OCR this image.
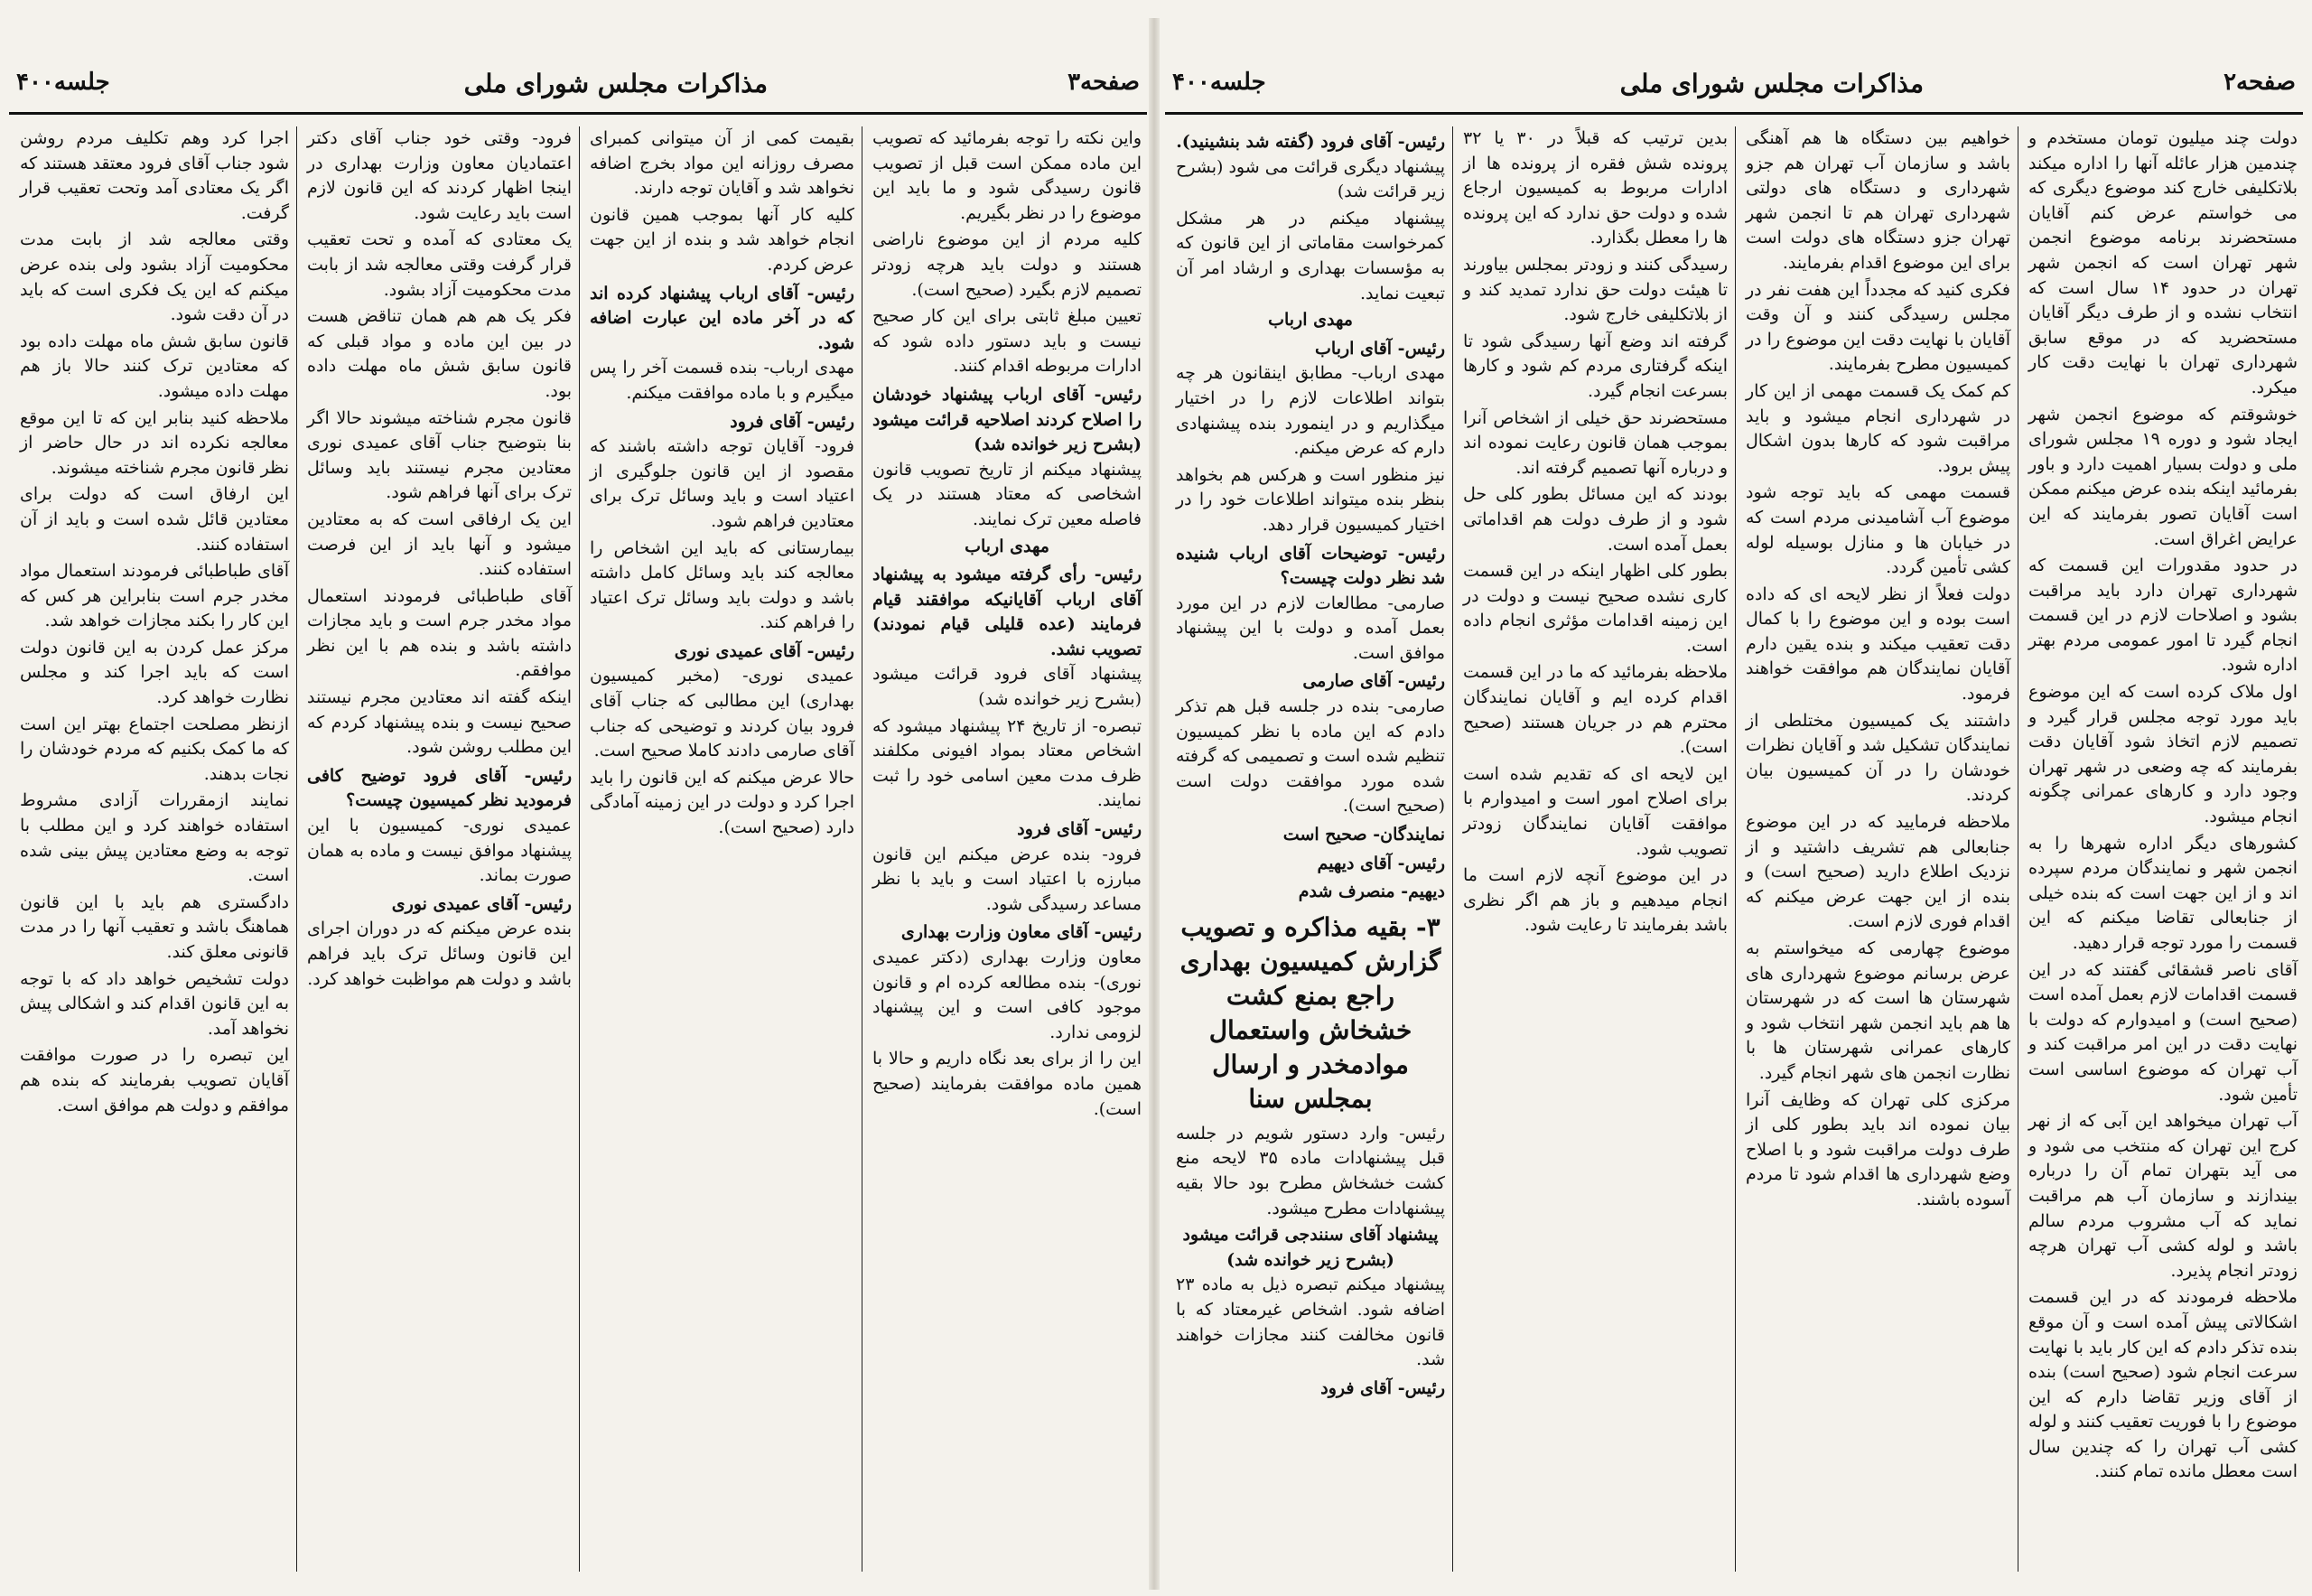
صفحه۲
مذاکرات مجلس شورای ملی
جلسه۴۰۰

دولت چند میلیون تومان مستخدم و چندمین هزار عائله آنها را اداره میکند بلاتکلیفی خارج کند موضوع دیگری که می خواستم عرض کنم آقایان مستحضرند برنامه موضوع انجمن شهر تهران است که انجمن شهر تهران در حدود ۱۴ سال است که انتخاب نشده و از طرف دیگر آقایان مستحضرید که در موقع سابق شهرداری تهران با نهایت دقت کار میکرد.

خوشوقتم که موضوع انجمن شهر ایجاد شود و دوره ۱۹ مجلس شورای ملی و دولت بسیار اهمیت دارد و باور بفرمائید اینکه بنده عرض میکنم ممکن است آقایان تصور بفرمایند که این عرایض اغراق است.

در حدود مقدورات این قسمت که شهرداری تهران دارد باید مراقبت بشود و اصلاحات لازم در این قسمت انجام گیرد تا امور عمومی مردم بهتر اداره شود.

اول ملاک کرده است که این موضوع باید مورد توجه مجلس قرار گیرد و تصمیم لازم اتخاذ شود آقایان دقت بفرمایند که چه وضعی در شهر تهران وجود دارد و کارهای عمرانی چگونه انجام میشود.

کشورهای دیگر اداره شهرها را به انجمن شهر و نمایندگان مردم سپرده اند و از این جهت است که بنده خیلی از جنابعالی تقاضا میکنم که این قسمت را مورد توجه قرار دهید.

آقای ناصر قشقائی گفتند که در این قسمت اقدامات لازم بعمل آمده است (صحیح است) و امیدوارم که دولت با نهایت دقت در این امر مراقبت کند و آب تهران که موضوع اساسی است تأمین شود.

آب تهران میخواهد این آبی که از نهر کرج این تهران که منتخب می شود و می آید بتهران تمام آن را درباره بیندازند و سازمان آب هم مراقبت نماید که آب مشروب مردم سالم باشد و لوله کشی آب تهران هرچه زودتر انجام پذیرد.

ملاحظه فرمودند که در این قسمت اشکالاتی پیش آمده است و آن موقع بنده تذکر دادم که این کار باید با نهایت سرعت انجام شود (صحیح است) بنده از آقای وزیر تقاضا دارم که این موضوع را با فوریت تعقیب کنند و لوله کشی آب تهران را که چندین سال است معطل مانده تمام کنند.

خواهیم بین دستگاه ها هم آهنگی باشد و سازمان آب تهران هم جزو شهرداری و دستگاه های دولتی شهرداری تهران هم تا انجمن شهر تهران جزو دستگاه های دولت است برای این موضوع اقدام بفرمایند.

فکری کنید که مجدداً این هفت نفر در مجلس رسیدگی کنند و آن وقت آقایان با نهایت دقت این موضوع را در کمیسیون مطرح بفرمایند.

کم کمک یک قسمت مهمی از این کار در شهرداری انجام میشود و باید مراقبت شود که کارها بدون اشکال پیش برود.

قسمت مهمی که باید توجه شود موضوع آب آشامیدنی مردم است که در خیابان ها و منازل بوسیله لوله کشی تأمین گردد.

دولت فعلاً از نظر لایحه ای که داده است بوده و این موضوع را با کمال دقت تعقیب میکند و بنده یقین دارم آقایان نمایندگان هم موافقت خواهند فرمود.

داشتند یک کمیسیون مختلطی از نمایندگان تشکیل شد و آقایان نظرات خودشان را در آن کمیسیون بیان کردند.

ملاحظه فرمایید که در این موضوع جنابعالی هم تشریف داشتید و از نزدیک اطلاع دارید (صحیح است) و بنده از این جهت عرض میکنم که اقدام فوری لازم است.

موضوع چهارمی که میخواستم به عرض برسانم موضوع شهرداری های شهرستان ها است که در شهرستان ها هم باید انجمن شهر انتخاب شود و کارهای عمرانی شهرستان ها با نظارت انجمن های شهر انجام گیرد.

مرکزی کلی تهران که وظایف آنرا بیان نموده اند باید بطور کلی از طرف دولت مراقبت شود و با اصلاح وضع شهرداری ها اقدام شود تا مردم آسوده باشند.

بدین ترتیب که قبلاً در ۳۰ یا ۳۲ پرونده شش فقره از پرونده ها از ادارات مربوط به کمیسیون ارجاع شده و دولت حق ندارد که این پرونده ها را معطل بگذارد.

رسیدگی کنند و زودتر بمجلس بیاورند تا هیئت دولت حق ندارد تمدید کند و از بلاتکلیفی خارج شود.

گرفته اند وضع آنها رسیدگی شود تا اینکه گرفتاری مردم کم شود و کارها بسرعت انجام گیرد.

مستحضرند حق خیلی از اشخاص آنرا بموجب همان قانون رعایت نموده اند و درباره آنها تصمیم گرفته اند.

بودند که این مسائل بطور کلی حل شود و از طرف دولت هم اقداماتی بعمل آمده است.

بطور کلی اظهار اینکه در این قسمت کاری نشده صحیح نیست و دولت در این زمینه اقدامات مؤثری انجام داده است.

ملاحظه بفرمائید که ما در این قسمت اقدام کرده ایم و آقایان نمایندگان محترم هم در جریان هستند (صحیح است).

این لایحه ای که تقدیم شده است برای اصلاح امور است و امیدوارم با موافقت آقایان نمایندگان زودتر تصویب شود.

در این موضوع آنچه لازم است ما انجام میدهیم و باز هم اگر نظری باشد بفرمایند تا رعایت شود.

رئیس- آقای فرود (گفته شد بنشینید).

پیشنهاد دیگری قرائت می شود (بشرح زیر قرائت شد)

پیشنهاد میکنم در هر مشکل کمرخواست مقاماتی از این قانون که به مؤسسات بهداری و ارشاد امر آن تبعیت نماید.

مهدی ارباب
رئیس- آقای ارباب

مهدی ارباب- مطابق اینقانون هر چه بتواند اطلاعات لازم را در اختیار میگذاریم و در اینمورد بنده پیشنهادی دارم که عرض میکنم.

نیز منظور است و هرکس هم بخواهد بنظر بنده میتواند اطلاعات خود را در اختیار کمیسیون قرار دهد.

رئیس- توضیحات آقای ارباب شنیده شد نظر دولت چیست؟

صارمی- مطالعات لازم در این مورد بعمل آمده و دولت با این پیشنهاد موافق است.

رئیس- آقای صارمی

صارمی- بنده در جلسه قبل هم تذکر دادم که این ماده با نظر کمیسیون تنظیم شده است و تصمیمی که گرفته شده مورد موافقت دولت است (صحیح است).

نمایندگان- صحیح است
رئیس- آقای دیهیم
دیهیم- منصرف شدم
۳- بقیه مذاکره و تصویب گزارش کمیسیون بهداری راجع بمنع کشت خشخاش واستعمال موادمخدر و ارسال بمجلس سنا

رئیس- وارد دستور شویم در جلسه قبل پیشنهادات ماده ۳۵ لایحه منع کشت خشخاش مطرح بود حالا بقیه پیشنهادات مطرح میشود.

پیشنهاد آقای سنندجی قرائت میشود (بشرح زیر خوانده شد)

پیشنهاد میکنم تبصره ذیل به ماده ۲۳ اضافه شود. اشخاص غیرمعتاد که با قانون مخالفت کنند مجازات خواهند شد.

رئیس- آقای فرود
صفحه۳
مذاکرات مجلس شورای ملی
جلسه۴۰۰

واین نکته را توجه بفرمائید که تصویب این ماده ممکن است قبل از تصویب قانون رسیدگی شود و ما باید این موضوع را در نظر بگیریم.

کلیه مردم از این موضوع ناراضی هستند و دولت باید هرچه زودتر تصمیم لازم بگیرد (صحیح است).

تعیین مبلغ ثابتی برای این کار صحیح نیست و باید دستور داده شود که ادارات مربوطه اقدام کنند.

رئیس- آقای ارباب پیشنهاد خودشان را اصلاح کردند اصلاحیه قرائت میشود (بشرح زیر خوانده شد)

پیشنهاد میکنم از تاریخ تصویب قانون اشخاصی که معتاد هستند در یک فاصله معین ترک نمایند.

مهدی ارباب
رئیس- رأی گرفته میشود به پیشنهاد آقای ارباب آقایانیکه موافقند قیام فرمایند (عده قلیلی قیام نمودند) تصویب نشد.

پیشنهاد آقای فرود قرائت میشود (بشرح زیر خوانده شد)

تبصره- از تاریخ ۲۴ پیشنهاد میشود که اشخاص معتاد بمواد افیونی مکلفند ظرف مدت معین اسامی خود را ثبت نمایند.

رئیس- آقای فرود

فرود- بنده عرض میکنم این قانون مبارزه با اعتیاد است و باید با نظر مساعد رسیدگی شود.

رئیس- آقای معاون وزارت بهداری

معاون وزارت بهداری (دکتر عمیدی نوری)- بنده مطالعه کرده ام و قانون موجود کافی است و این پیشنهاد لزومی ندارد.

این را از برای بعد نگاه داریم و حالا با همین ماده موافقت بفرمایند (صحیح است).

بقیمت کمی از آن میتوانی کمبرای مصرف روزانه این مواد بخرج اضافه نخواهد شد و آقایان توجه دارند.

کلیه کار آنها بموجب همین قانون انجام خواهد شد و بنده از این جهت عرض کردم.

رئیس- آقای ارباب پیشنهاد کرده اند که در آخر ماده این عبارت اضافه شود.

مهدی ارباب- بنده قسمت آخر را پس میگیرم و با ماده موافقت میکنم.

رئیس- آقای فرود

فرود- آقایان توجه داشته باشند که مقصود از این قانون جلوگیری از اعتیاد است و باید وسائل ترک برای معتادین فراهم شود.

بیمارستانی که باید این اشخاص را معالجه کند باید وسائل کامل داشته باشد و دولت باید وسائل ترک اعتیاد را فراهم کند.

رئیس- آقای عمیدی نوری

عمیدی نوری- (مخبر کمیسیون بهداری) این مطالبی که جناب آقای فرود بیان کردند و توضیحی که جناب آقای صارمی دادند کاملا صحیح است.

حالا عرض میکنم که این قانون را باید اجرا کرد و دولت در این زمینه آمادگی دارد (صحیح است).

فرود- وقتی خود جناب آقای دکتر اعتمادیان معاون وزارت بهداری در اینجا اظهار کردند که این قانون لازم است باید رعایت شود.

یک معتادی که آمده و تحت تعقیب قرار گرفت وقتی معالجه شد از بابت مدت محکومیت آزاد بشود.

فکر یک هم هم همان تناقض هست در بین این ماده و مواد قبلی که قانون سابق شش ماه مهلت داده بود.

قانون مجرم شناخته میشوند حالا اگر بنا بتوضیح جناب آقای عمیدی نوری معتادین مجرم نیستند باید وسائل ترک برای آنها فراهم شود.

این یک ارفاقی است که به معتادین میشود و آنها باید از این فرصت استفاده کنند.

آقای طباطبائی فرمودند استعمال مواد مخدر جرم است و باید مجازات داشته باشد و بنده هم با این نظر موافقم.

اینکه گفته اند معتادین مجرم نیستند صحیح نیست و بنده پیشنهاد کردم که این مطلب روشن شود.

رئیس- آقای فرود توضیح کافی فرمودید نظر کمیسیون چیست؟

عمیدی نوری- کمیسیون با این پیشنهاد موافق نیست و ماده به همان صورت بماند.

رئیس- آقای عمیدی نوری

بنده عرض میکنم که در دوران اجرای این قانون وسائل ترک باید فراهم باشد و دولت هم مواظبت خواهد کرد.

اجرا کرد وهم تکلیف مردم روشن شود جناب آقای فرود معتقد هستند که اگر یک معتادی آمد وتحت تعقیب قرار گرفت.

وقتی معالجه شد از بابت مدت محکومیت آزاد بشود ولی بنده عرض میکنم که این یک فکری است که باید در آن دقت شود.

قانون سابق شش ماه مهلت داده بود که معتادین ترک کنند حالا باز هم مهلت داده میشود.

ملاحظه کنید بنابر این که تا این موقع معالجه نکرده اند در حال حاضر از نظر قانون مجرم شناخته میشوند.

این ارفاق است که دولت برای معتادین قائل شده است و باید از آن استفاده کنند.

آقای طباطبائی فرمودند استعمال مواد مخدر جرم است بنابراین هر کس که این کار را بکند مجازات خواهد شد.

مرکز عمل کردن به این قانون دولت است که باید اجرا کند و مجلس نظارت خواهد کرد.

ازنظر مصلحت اجتماع بهتر این است که ما کمک بکنیم که مردم خودشان را نجات بدهند.

نمایند ازمقررات آزادی مشروط استفاده خواهند کرد و این مطلب با توجه به وضع معتادین پیش بینی شده است.

دادگستری هم باید با این قانون هماهنگ باشد و تعقیب آنها را در مدت قانونی معلق کند.

دولت تشخیص خواهد داد که با توجه به این قانون اقدام کند و اشکالی پیش نخواهد آمد.

این تبصره را در صورت موافقت آقایان تصویب بفرمایند که بنده هم موافقم و دولت هم موافق است.
